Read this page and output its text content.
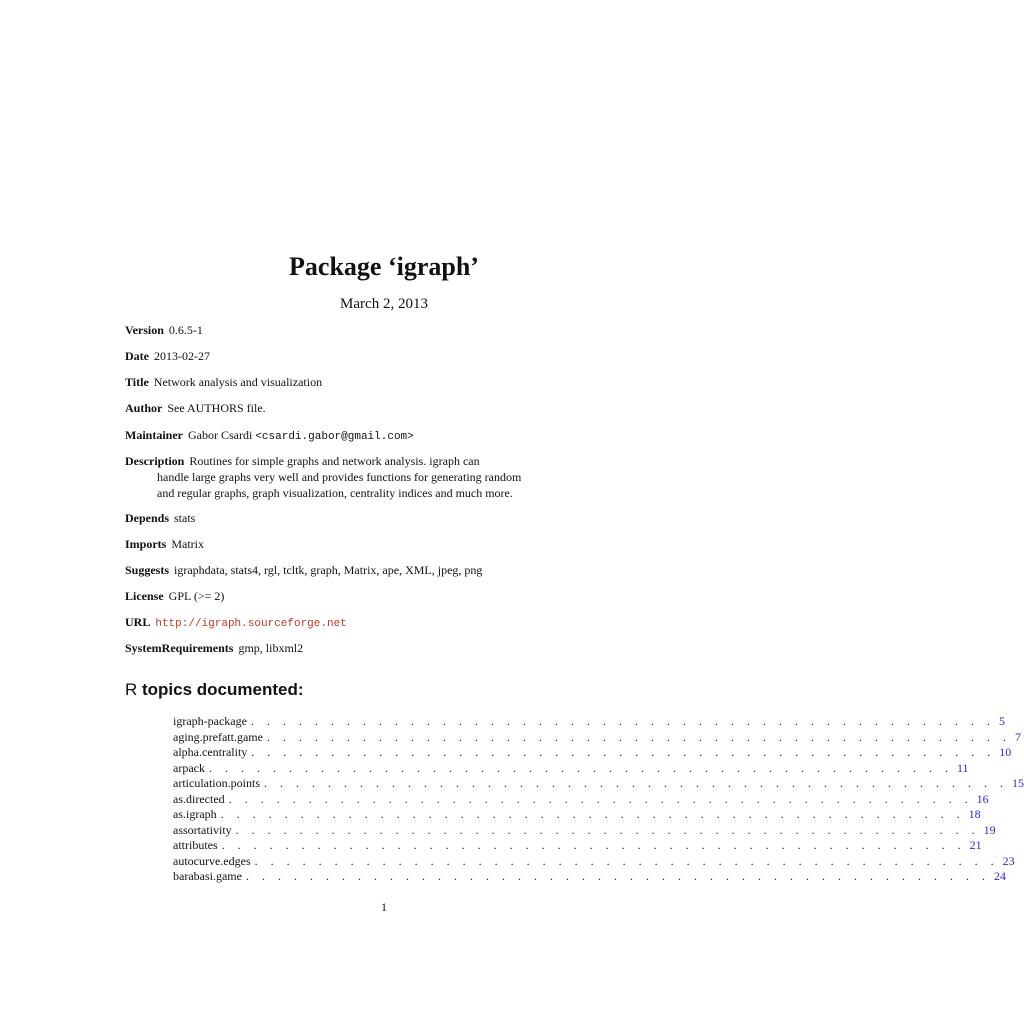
Package ‘igraph’
March 2, 2013
Version 0.6.5-1
Date 2013-02-27
Title Network analysis and visualization
Author See AUTHORS file.
Maintainer Gabor Csardi <csardi.gabor@gmail.com>
Description Routines for simple graphs and network analysis. igraph can
handle large graphs very well and provides functions for generating random
and regular graphs, graph visualization, centrality indices and much more.
Depends stats
Imports Matrix
Suggests igraphdata, stats4, rgl, tcltk, graph, Matrix, ape, XML, jpeg, png
License GPL (>= 2)
URL http://igraph.sourceforge.net
SystemRequirements gmp, libxml2
R topics documented:
igraph-package . . . . . . . . . . . . . . . . . . . . . . . . . . . . . . . . . . . . . . . . . . . . . . . 5
aging.prefatt.game . . . . . . . . . . . . . . . . . . . . . . . . . . . . . . . . . . . . . . . . . . . . . . . 7
alpha.centrality . . . . . . . . . . . . . . . . . . . . . . . . . . . . . . . . . . . . . . . . . . . . . . . 10
arpack . . . . . . . . . . . . . . . . . . . . . . . . . . . . . . . . . . . . . . . . . . . . . . . 11
articulation.points . . . . . . . . . . . . . . . . . . . . . . . . . . . . . . . . . . . . . . . . . . . . . . . 15
as.directed . . . . . . . . . . . . . . . . . . . . . . . . . . . . . . . . . . . . . . . . . . . . . . . 16
as.igraph . . . . . . . . . . . . . . . . . . . . . . . . . . . . . . . . . . . . . . . . . . . . . . . 18
assortativity . . . . . . . . . . . . . . . . . . . . . . . . . . . . . . . . . . . . . . . . . . . . . . . 19
attributes . . . . . . . . . . . . . . . . . . . . . . . . . . . . . . . . . . . . . . . . . . . . . . . 21
autocurve.edges . . . . . . . . . . . . . . . . . . . . . . . . . . . . . . . . . . . . . . . . . . . . . . . 23
barabasi.game . . . . . . . . . . . . . . . . . . . . . . . . . . . . . . . . . . . . . . . . . . . . . . . 24
1
